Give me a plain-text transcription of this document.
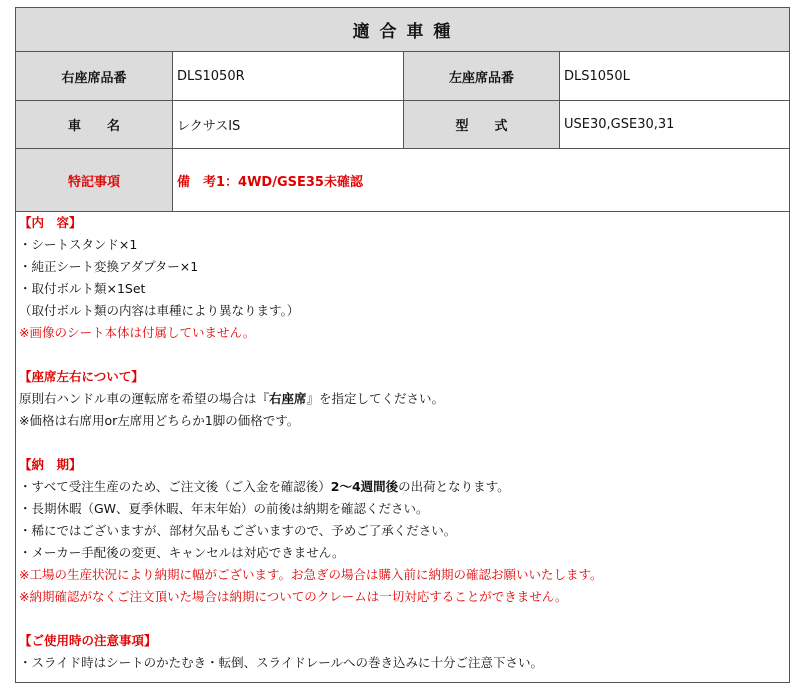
適 合 車 種
右座席品番	DLS1050R	左座席品番	DLS1050L
車　　名	レクサスIS	型　　式	USE30,GSE30,31
特記事項	備　考1：4WD/GSE35未確認
【内　容】
・シートスタンド×1
・純正シート変換アダプター×1
・取付ボルト類×1Set
（取付ボルト類の内容は車種により異なります。）
※画像のシート本体は付属していません。
【座席左右について】
原則右ハンドル車の運転席を希望の場合は『右座席』を指定してください。
※価格は右席用or左席用どちらか1脚の価格です。
【納　期】
・すべて受注生産のため、ご注文後（ご入金を確認後）2〜4週間後の出荷となります。
・長期休暇（GW、夏季休暇、年末年始）の前後は納期を確認ください。
・稀にではございますが、部材欠品もございますので、予めご了承ください。
・メーカー手配後の変更、キャンセルは対応できません。
※工場の生産状況により納期に幅がございます。お急ぎの場合は購入前に納期の確認お願いいたします。
※納期確認がなくご注文頂いた場合は納期についてのクレームは一切対応することができません。
【ご使用時の注意事項】
・スライド時はシートのかたむき・転倒、スライドレールへの巻き込みに十分ご注意下さい。
